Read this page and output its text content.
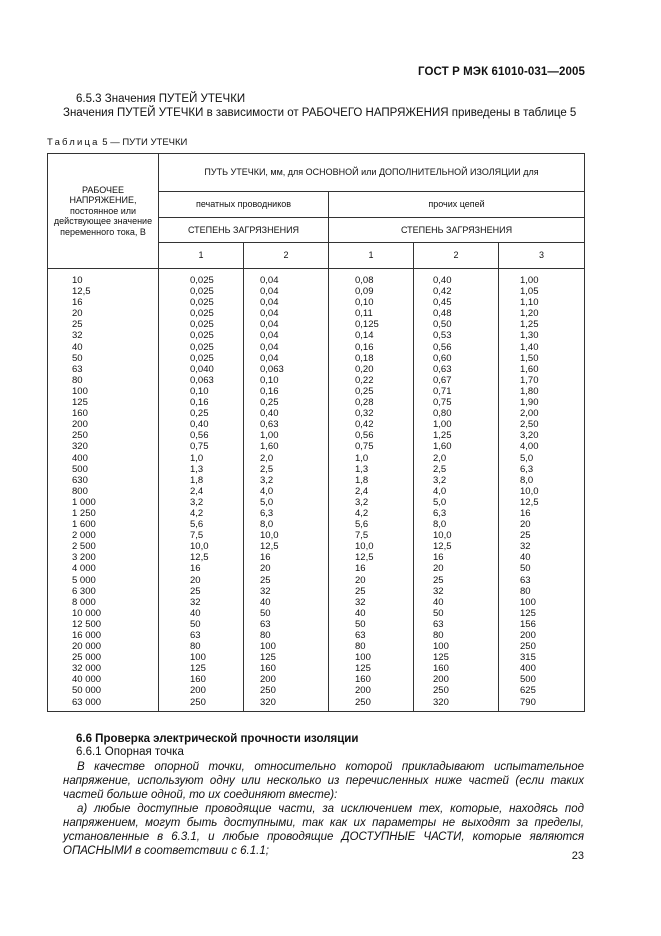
ГОСТ Р МЭК 61010-031—2005
6.5.3 Значения ПУТЕЙ УТЕЧКИ
Значения ПУТЕЙ УТЕЧКИ в зависимости от РАБОЧЕГО НАПРЯЖЕНИЯ приведены в таблице 5
Таблица 5 — ПУТИ УТЕЧКИ
РАБОЧЕЕ НАПРЯЖЕНИЕ, постоянное или действующее значение переменного тока, В	ПУТЬ УТЕЧКИ, мм, для ОСНОВНОЙ или ДОПОЛНИТЕЛЬНОЙ ИЗОЛЯЦИИ для				
	печатных проводников		прочих цепей		
	СТЕПЕНЬ ЗАГРЯЗНЕНИЯ		СТЕПЕНЬ ЗАГРЯЗНЕНИЯ		
	1	2	1	2	3
10	0,025	0,04	0,08	0,40	1,00
12,5	0,025	0,04	0,09	0,42	1,05
16	0,025	0,04	0,10	0,45	1,10
20	0,025	0,04	0,11	0,48	1,20
25	0,025	0,04	0,125	0,50	1,25
32	0,025	0,04	0,14	0,53	1,30
40	0,025	0,04	0,16	0,56	1,40
50	0,025	0,04	0,18	0,60	1,50
63	0,040	0,063	0,20	0,63	1,60
80	0,063	0,10	0,22	0,67	1,70
100	0,10	0,16	0,25	0,71	1,80
125	0,16	0,25	0,28	0,75	1,90
160	0,25	0,40	0,32	0,80	2,00
200	0,40	0,63	0,42	1,00	2,50
250	0,56	1,00	0,56	1,25	3,20
320	0,75	1,60	0,75	1,60	4,00
400	1,0	2,0	1,0	2,0	5,0
500	1,3	2,5	1,3	2,5	6,3
630	1,8	3,2	1,8	3,2	8,0
800	2,4	4,0	2,4	4,0	10,0
1 000	3,2	5,0	3,2	5,0	12,5
1 250	4,2	6,3	4,2	6,3	16
1 600	5,6	8,0	5,6	8,0	20
2 000	7,5	10,0	7,5	10,0	25
2 500	10,0	12,5	10,0	12,5	32
3 200	12,5	16	12,5	16	40
4 000	16	20	16	20	50
5 000	20	25	20	25	63
6 300	25	32	25	32	80
8 000	32	40	32	40	100
10 000	40	50	40	50	125
12 500	50	63	50	63	156
16 000	63	80	63	80	200
20 000	80	100	80	100	250
25 000	100	125	100	125	315
32 000	125	160	125	160	400
40 000	160	200	160	200	500
50 000	200	250	200	250	625
63 000	250	320	250	320	790
6.6 Проверка электрической прочности изоляции
6.6.1 Опорная точка
В качестве опорной точки, относительно которой прикладывают испытательное напряжение, используют одну или несколько из перечисленных ниже частей (если таких частей больше одной, то их соединяют вместе):
а) любые доступные проводящие части, за исключением тех, которые, находясь под напряжением, могут быть доступными, так как их параметры не выходят за пределы, установленные в 6.3.1, и любые проводящие ДОСТУПНЫЕ ЧАСТИ, которые являются ОПАСНЫМИ в соответствии с 6.1.1;	23
